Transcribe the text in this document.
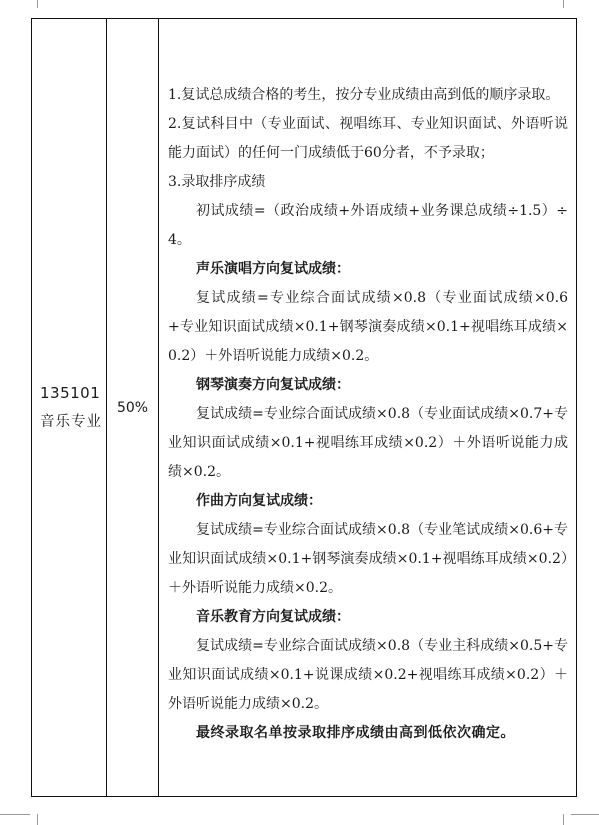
135101
音乐专业
	50%	

1.复试总成绩合格的考生，按分专业成绩由高到低的顺序录取。

2.复试科目中（专业面试、视唱练耳、专业知识面试、外语听说能力面试）的任何一门成绩低于60分者，不予录取；

3.录取排序成绩

初试成绩=（政治成绩+外语成绩+业务课总成绩÷1.5）÷4。

声乐演唱方向复试成绩：

复试成绩=专业综合面试成绩×0.8（专业面试成绩×0.6 +专业知识面试成绩×0.1+钢琴演奏成绩×0.1+视唱练耳成绩×0.2）＋外语听说能力成绩×0.2。

钢琴演奏方向复试成绩：

复试成绩=专业综合面试成绩×0.8（专业面试成绩×0.7+专业知识面试成绩×0.1+视唱练耳成绩×0.2）＋外语听说能力成绩×0.2。

作曲方向复试成绩：

复试成绩=专业综合面试成绩×0.8（专业笔试成绩×0.6+专业知识面试成绩×0.1+钢琴演奏成绩×0.1+视唱练耳成绩×0.2）＋外语听说能力成绩×0.2。

音乐教育方向复试成绩：

复试成绩=专业综合面试成绩×0.8（专业主科成绩×0.5+专业知识面试成绩×0.1+说课成绩×0.2+视唱练耳成绩×0.2）＋外语听说能力成绩×0.2。

最终录取名单按录取排序成绩由高到低依次确定。
